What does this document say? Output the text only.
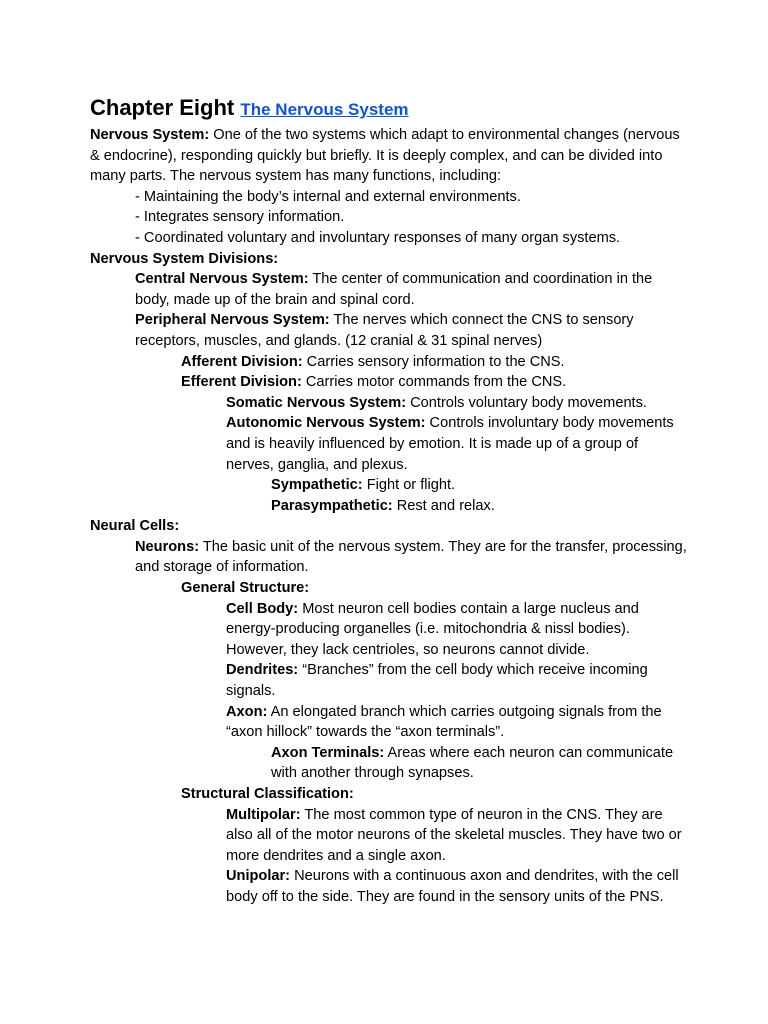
Chapter Eight The Nervous System

Nervous System: One of the two systems which adapt to environmental changes (nervous & endocrine), responding quickly but briefly. It is deeply complex, and can be divided into many parts. The nervous system has many functions, including:

- Maintaining the body’s internal and external environments.

- Integrates sensory information.

- Coordinated voluntary and involuntary responses of many organ systems.

Nervous System Divisions:

Central Nervous System: The center of communication and coordination in the body, made up of the brain and spinal cord.

Peripheral Nervous System: The nerves which connect the CNS to sensory receptors, muscles, and glands. (12 cranial & 31 spinal nerves)

Afferent Division: Carries sensory information to the CNS.

Efferent Division: Carries motor commands from the CNS.

Somatic Nervous System: Controls voluntary body movements.

Autonomic Nervous System: Controls involuntary body movements and is heavily influenced by emotion. It is made up of a group of nerves, ganglia, and plexus.

Sympathetic: Fight or flight.

Parasympathetic: Rest and relax.

Neural Cells:

Neurons: The basic unit of the nervous system. They are for the transfer, processing, and storage of information.

General Structure:

Cell Body: Most neuron cell bodies contain a large nucleus and energy-producing organelles (i.e. mitochondria & nissl bodies). However, they lack centrioles, so neurons cannot divide.

Dendrites: “Branches” from the cell body which receive incoming signals.

Axon: An elongated branch which carries outgoing signals from the “axon hillock” towards the “axon terminals”.

Axon Terminals: Areas where each neuron can communicate with another through synapses.

Structural Classification:

Multipolar: The most common type of neuron in the CNS. They are also all of the motor neurons of the skeletal muscles. They have two or more dendrites and a single axon.

Unipolar: Neurons with a continuous axon and dendrites, with the cell body off to the side. They are found in the sensory units of the PNS.
